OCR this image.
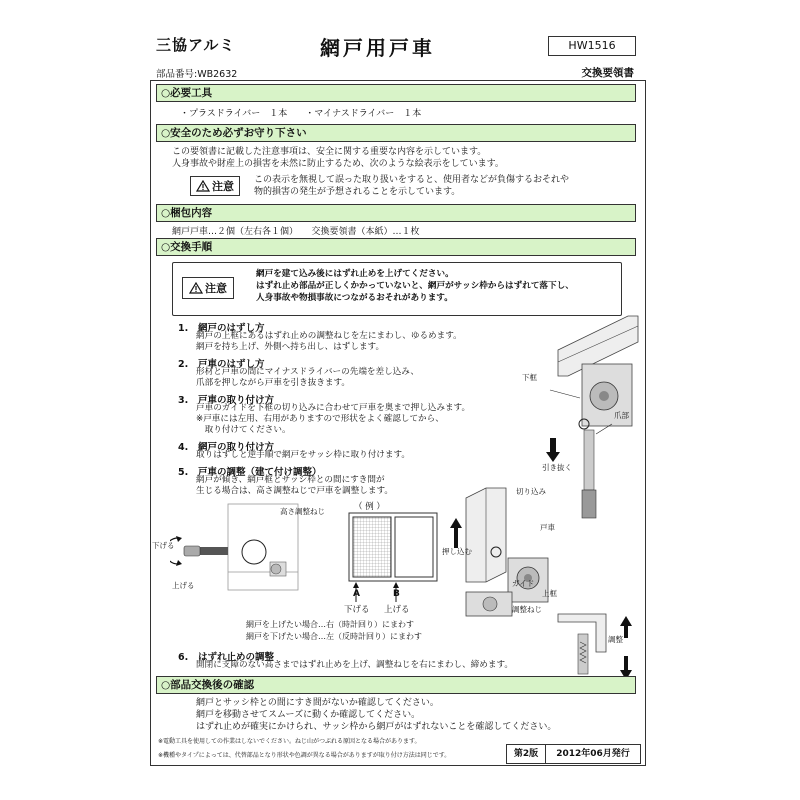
三協アルミ	網戸用戸車	HW1516
部品番号:WB2632	交換要領書
○必要工具
・プラスドライバー　１本　　・マイナスドライバー　１本
○安全のため必ずお守り下さい
この要領書に記載した注意事項は、安全に関する重要な内容を示しています。
人身事故や財産上の損害を未然に防止するため、次のような絵表示をしています。
注意 この表示を無視して誤った取り扱いをすると、使用者などが負傷するおそれや
物的損害の発生が予想されることを示しています。
○梱包内容
網戸戸車…２個（左右各１個）　　交換要領書（本紙）…１枚
○交換手順
注意
網戸を建て込み後にはずれ止めを上げてください。
はずれ止め部品が正しくかかっていないと、網戸がサッシ枠からはずれて落下し、
人身事故や物損事故につながるおそれがあります。
1. 網戸のはずし方
網戸の上框にあるはずれ止めの調整ねじを左にまわし、ゆるめます。
網戸を持ち上げ、外側へ持ち出し、はずします。
2. 戸車のはずし方
形材と戸車の間にマイナスドライバーの先端を差し込み、
爪部を押しながら戸車を引き抜きます。
3. 戸車の取り付け方
戸車のガイドを下框の切り込みに合わせて戸車を奥まで押し込みます。
※戸車には左用、右用がありますので形状をよく確認してから、
　取り付けてください。
4. 網戸の取り付け方
取りはずしと逆手順で網戸をサッシ枠に取り付けます。
5. 戸車の調整（建て付け調整）
網戸が傾き、網戸框とサッシ枠との間にすき間が
生じる場合は、高さ調整ねじで戸車を調整します。
下げる
上げる
高さ調整ねじ	（ 例 ）
A	B
下げる 上げる
網戸を上げたい場合…右（時計回り）にまわす
網戸を下げたい場合…左（反時計回り）にまわす
下框
爪部
引き抜く
切り込み
戸車
押し込む
ガイド
上框
調整ねじ
調整
6. はずれ止めの調整
開閉に支障のない高さまではずれ止めを上げ、調整ねじを右にまわし、締めます。
○部品交換後の確認
網戸とサッシ枠との間にすき間がないか確認してください。
網戸を移動させてスムーズに動くか確認してください。
はずれ止めが確実にかけられ、サッシ枠から網戸がはずれないことを確認してください。
※電動工具を使用しての作業はしないでください。ねじ山がつぶれる原因となる場合があります。
※機種やタイプによっては、代替部品となり形状や色調が異なる場合がありますが取り付け方法は同じです。	第2版	2012年06月発行
